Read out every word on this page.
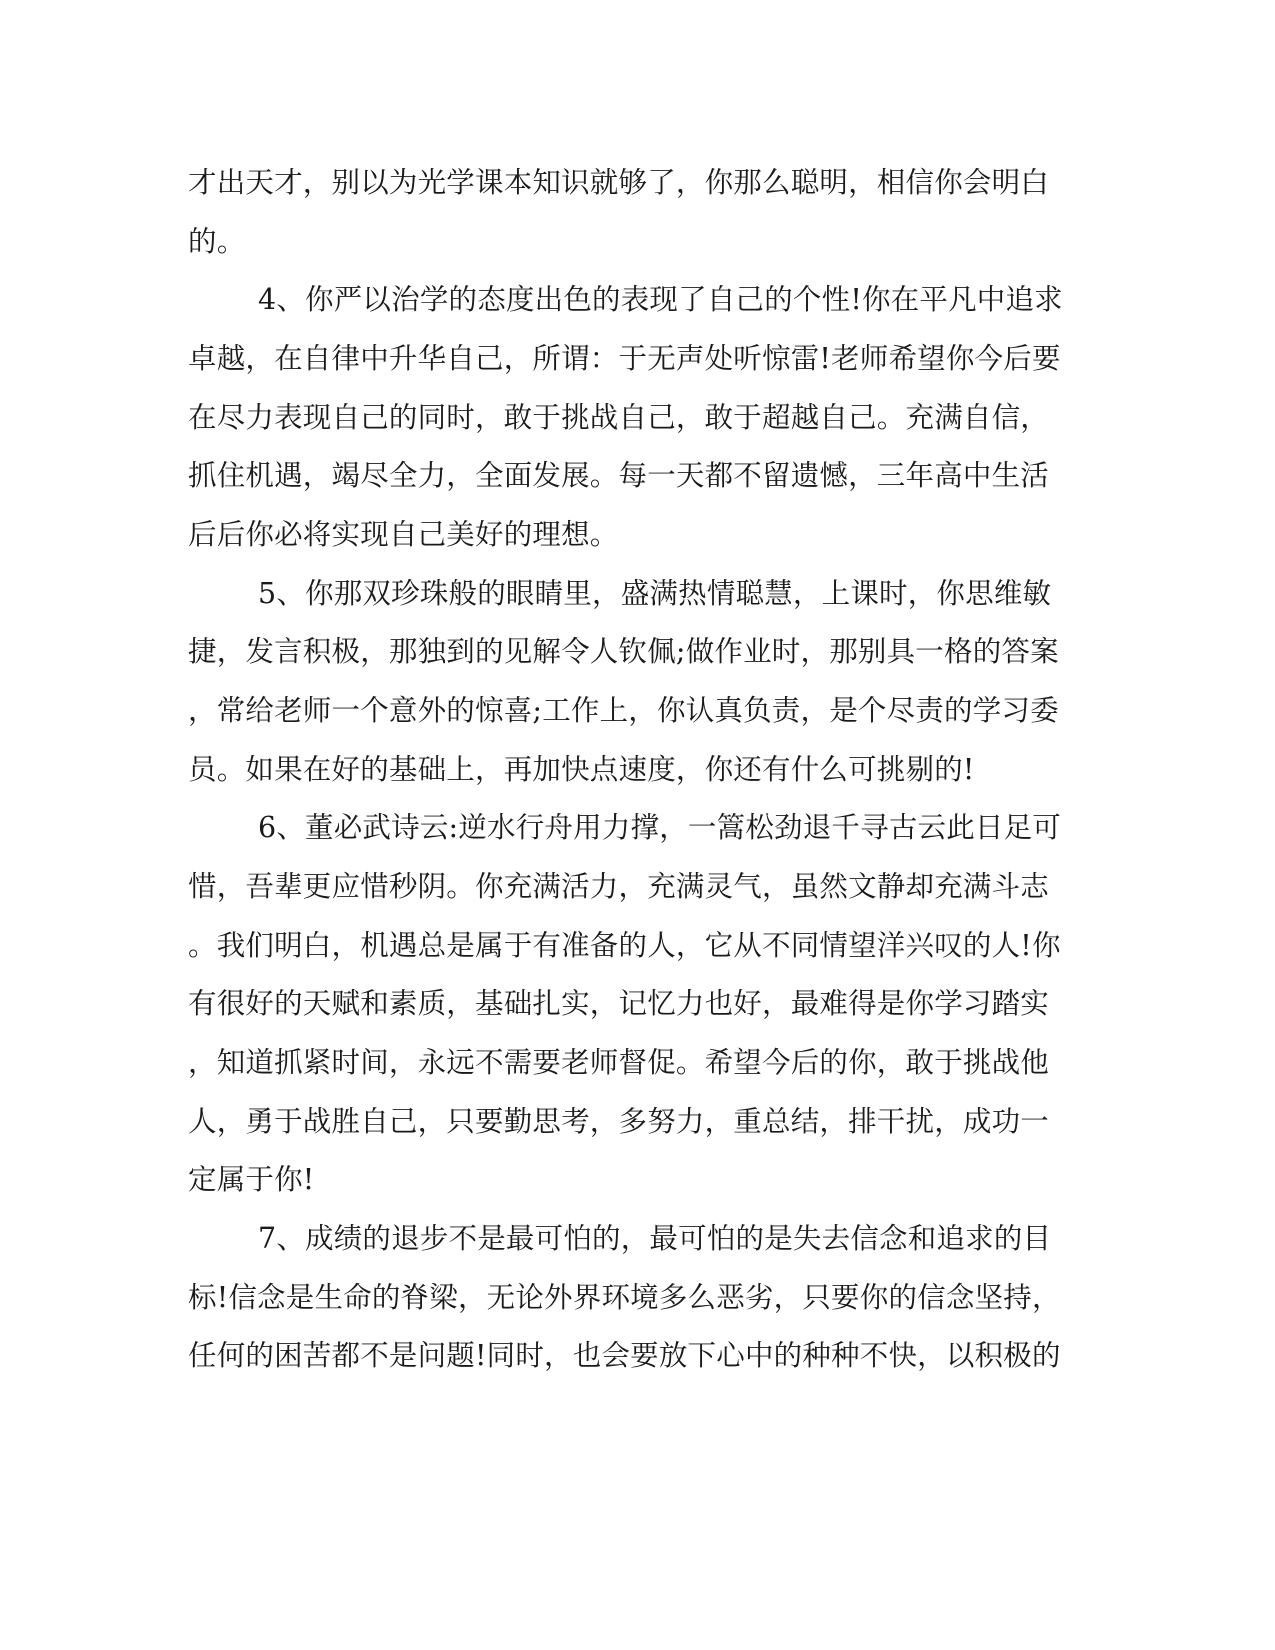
才出天才，别以为光学课本知识就够了，你那么聪明，相信你会明白
的。
4、你严以治学的态度出色的表现了自己的个性!你在平凡中追求
卓越，在自律中升华自己，所谓：于无声处听惊雷!老师希望你今后要
在尽力表现自己的同时，敢于挑战自己，敢于超越自己。充满自信，
抓住机遇，竭尽全力，全面发展。每一天都不留遗憾，三年高中生活
后后你必将实现自己美好的理想。
5、你那双珍珠般的眼睛里，盛满热情聪慧，上课时，你思维敏
捷，发言积极，那独到的见解令人钦佩;做作业时，那别具一格的答案
，常给老师一个意外的惊喜;工作上，你认真负责，是个尽责的学习委
员。如果在好的基础上，再加快点速度，你还有什么可挑剔的!
6、董必武诗云:逆水行舟用力撑，一篙松劲退千寻古云此日足可
惜，吾辈更应惜秒阴。你充满活力，充满灵气，虽然文静却充满斗志
。我们明白，机遇总是属于有准备的人，它从不同情望洋兴叹的人!你
有很好的天赋和素质，基础扎实，记忆力也好，最难得是你学习踏实
，知道抓紧时间，永远不需要老师督促。希望今后的你，敢于挑战他
人，勇于战胜自己，只要勤思考，多努力，重总结，排干扰，成功一
定属于你!
7、成绩的退步不是最可怕的，最可怕的是失去信念和追求的目
标!信念是生命的脊梁，无论外界环境多么恶劣，只要你的信念坚持，
任何的困苦都不是问题!同时，也会要放下心中的种种不快，以积极的
